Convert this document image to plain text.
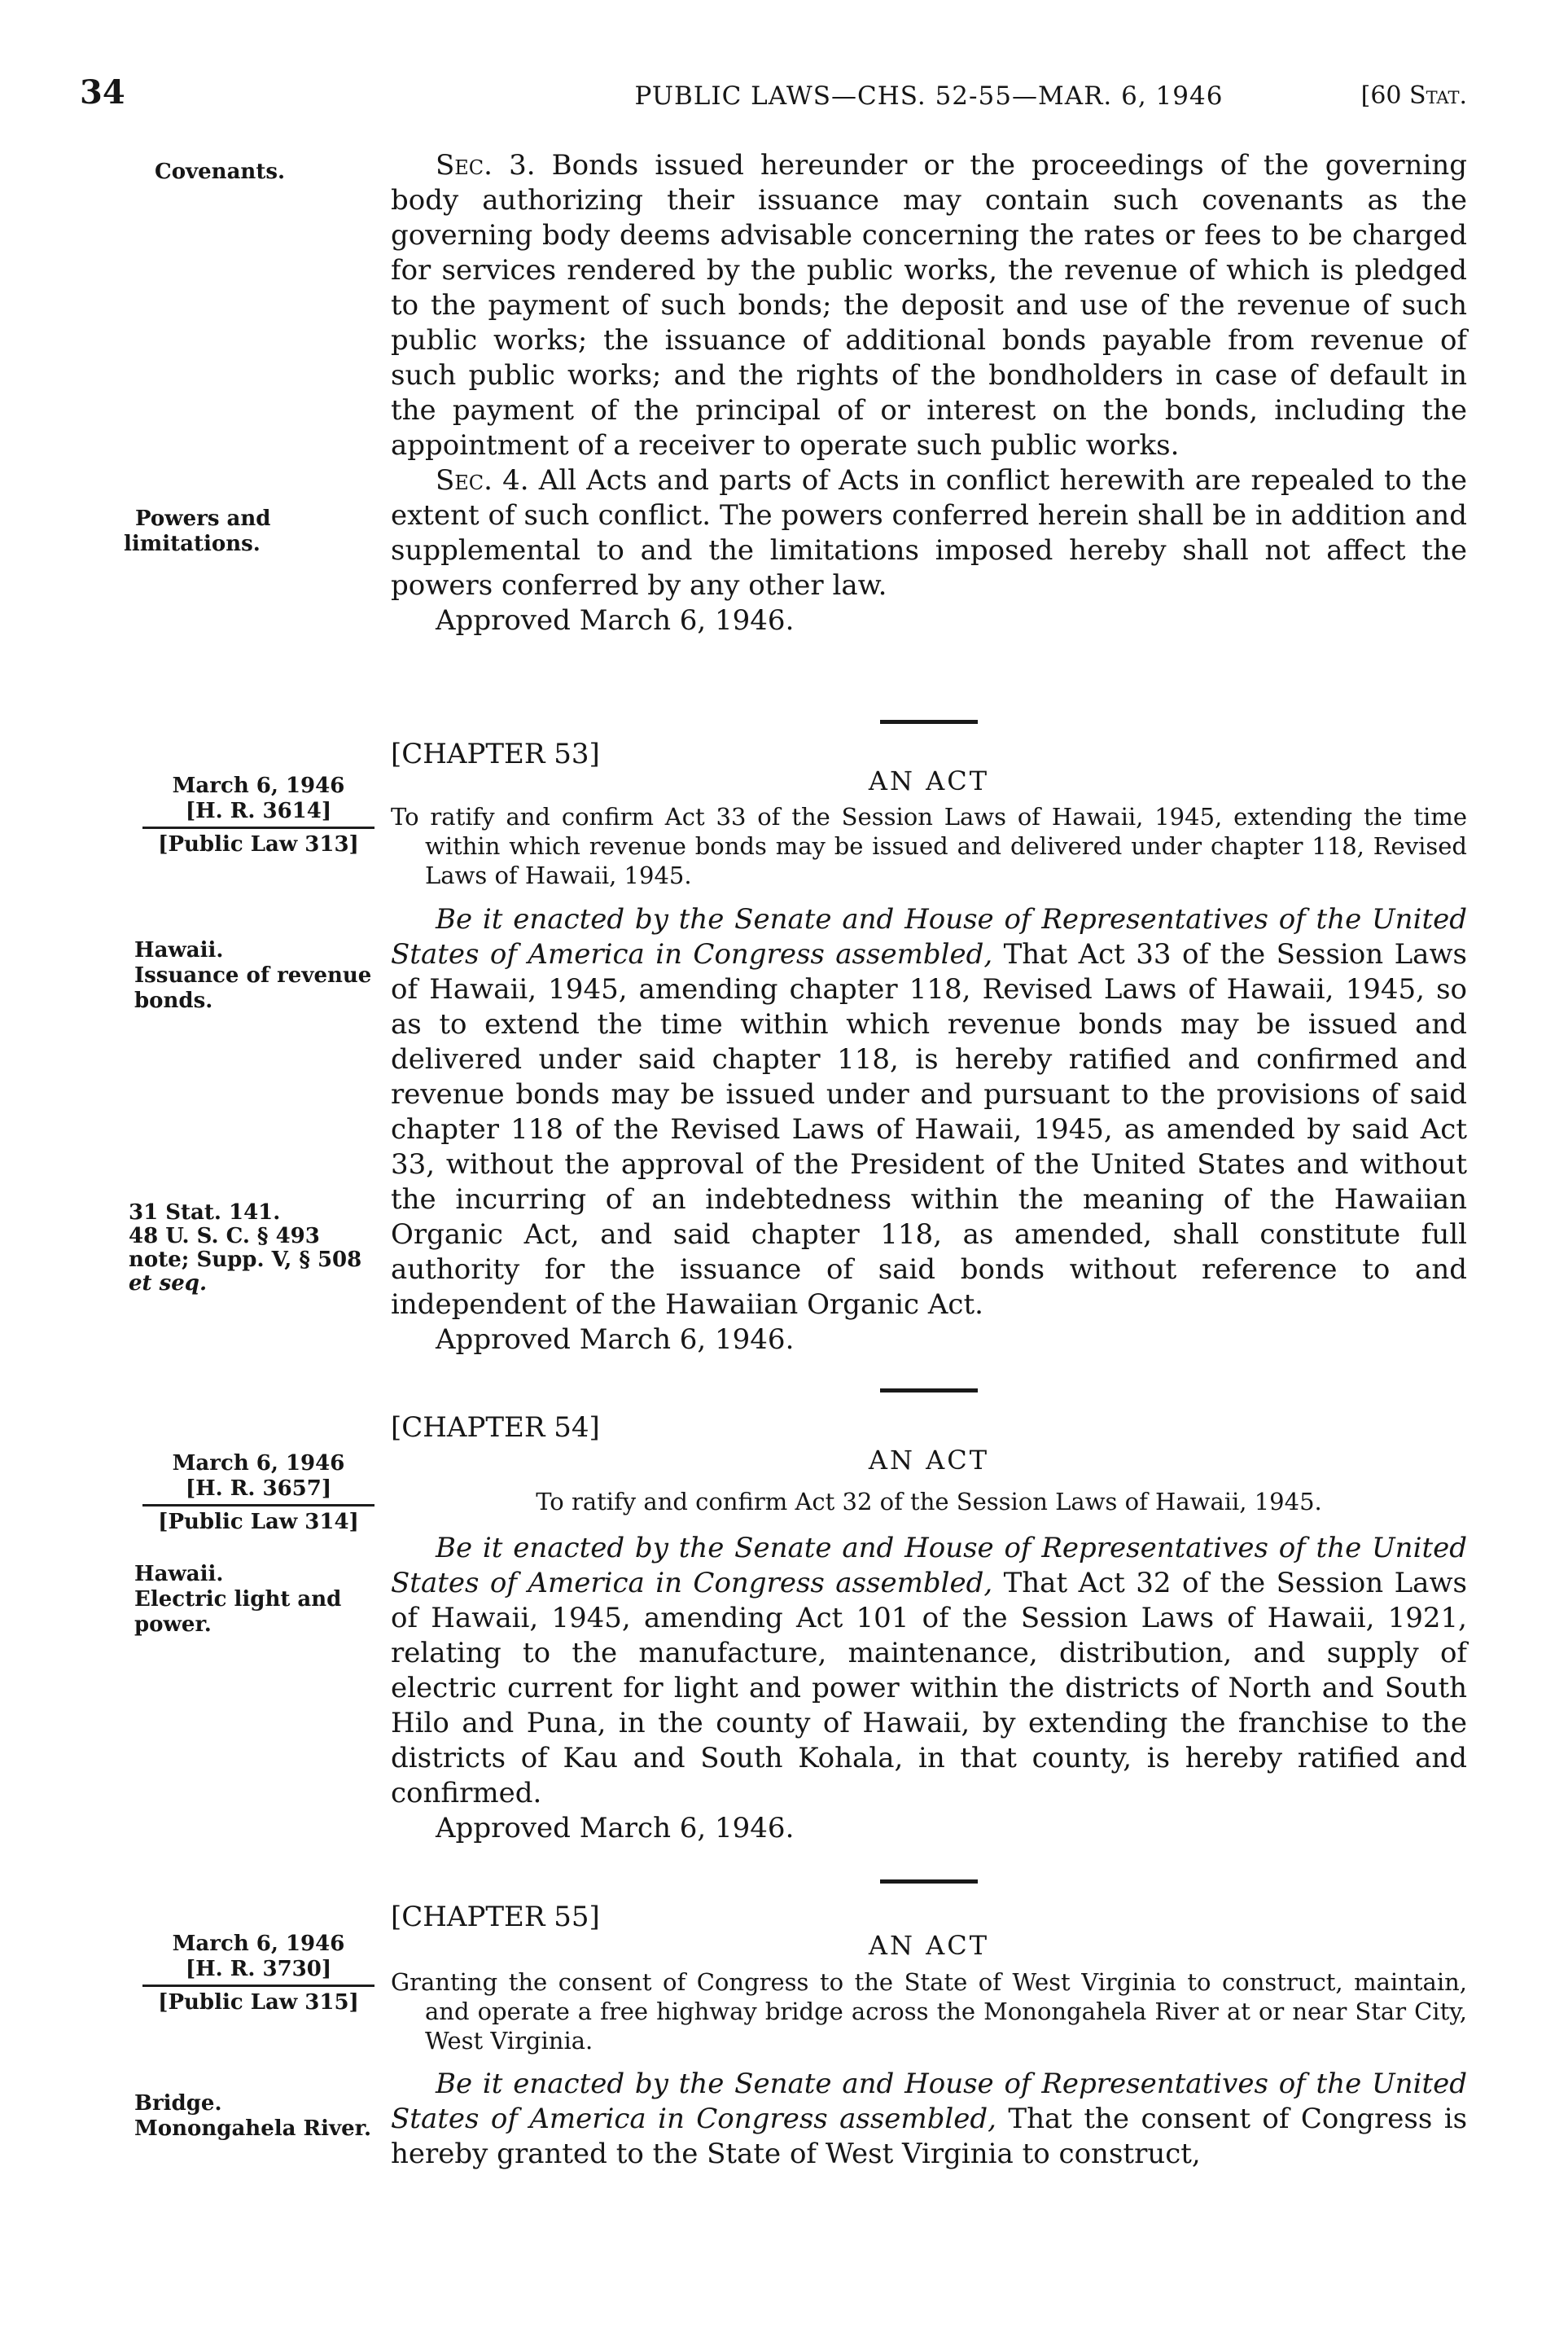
34	PUBLIC LAWS—CHS. 52-55—MAR. 6, 1946	[60 Stat.
Covenants.
Powers and limitations.
March 6, 1946
[H. R. 3614]
[Public Law 313]
Hawaii.
Issuance of revenue bonds.
31 Stat. 141.
48 U. S. C. § 493
note; Supp. V, § 508
et seq.
March 6, 1946
[H. R. 3657]
[Public Law 314]
Hawaii.
Electric light and power.
March 6, 1946
[H. R. 3730]
[Public Law 315]
Bridge.
Monongahela River.
Sec. 3. Bonds issued hereunder or the proceedings of the governing body authorizing their issuance may contain such covenants as the governing body deems advisable concerning the rates or fees to be charged for services rendered by the public works, the revenue of which is pledged to the payment of such bonds; the deposit and use of the revenue of such public works; the issuance of additional bonds payable from revenue of such public works; and the rights of the bondholders in case of default in the payment of the principal of or interest on the bonds, including the appointment of a receiver to operate such public works.
Sec. 4. All Acts and parts of Acts in conflict herewith are repealed to the extent of such conflict. The powers conferred herein shall be in addition and supplemental to and the limitations imposed hereby shall not affect the powers conferred by any other law.
Approved March 6, 1946.
[CHAPTER 53]
AN ACT
To ratify and confirm Act 33 of the Session Laws of Hawaii, 1945, extending the time within which revenue bonds may be issued and delivered under chapter 118, Revised Laws of Hawaii, 1945.
Be it enacted by the Senate and House of Representatives of the United States of America in Congress assembled, That Act 33 of the Session Laws of Hawaii, 1945, amending chapter 118, Revised Laws of Hawaii, 1945, so as to extend the time within which revenue bonds may be issued and delivered under said chapter 118, is hereby ratified and confirmed and revenue bonds may be issued under and pursuant to the provisions of said chapter 118 of the Revised Laws of Hawaii, 1945, as amended by said Act 33, without the approval of the President of the United States and without the incurring of an indebtedness within the meaning of the Hawaiian Organic Act, and said chapter 118, as amended, shall constitute full authority for the issuance of said bonds without reference to and independent of the Hawaiian Organic Act.
Approved March 6, 1946.
[CHAPTER 54]
AN ACT
To ratify and confirm Act 32 of the Session Laws of Hawaii, 1945.
Be it enacted by the Senate and House of Representatives of the United States of America in Congress assembled, That Act 32 of the Session Laws of Hawaii, 1945, amending Act 101 of the Session Laws of Hawaii, 1921, relating to the manufacture, maintenance, distribution, and supply of electric current for light and power within the districts of North and South Hilo and Puna, in the county of Hawaii, by extending the franchise to the districts of Kau and South Kohala, in that county, is hereby ratified and confirmed.
Approved March 6, 1946.
[CHAPTER 55]
AN ACT
Granting the consent of Congress to the State of West Virginia to construct, maintain, and operate a free highway bridge across the Monongahela River at or near Star City, West Virginia.
Be it enacted by the Senate and House of Representatives of the United States of America in Congress assembled, That the consent of Congress is hereby granted to the State of West Virginia to construct,
